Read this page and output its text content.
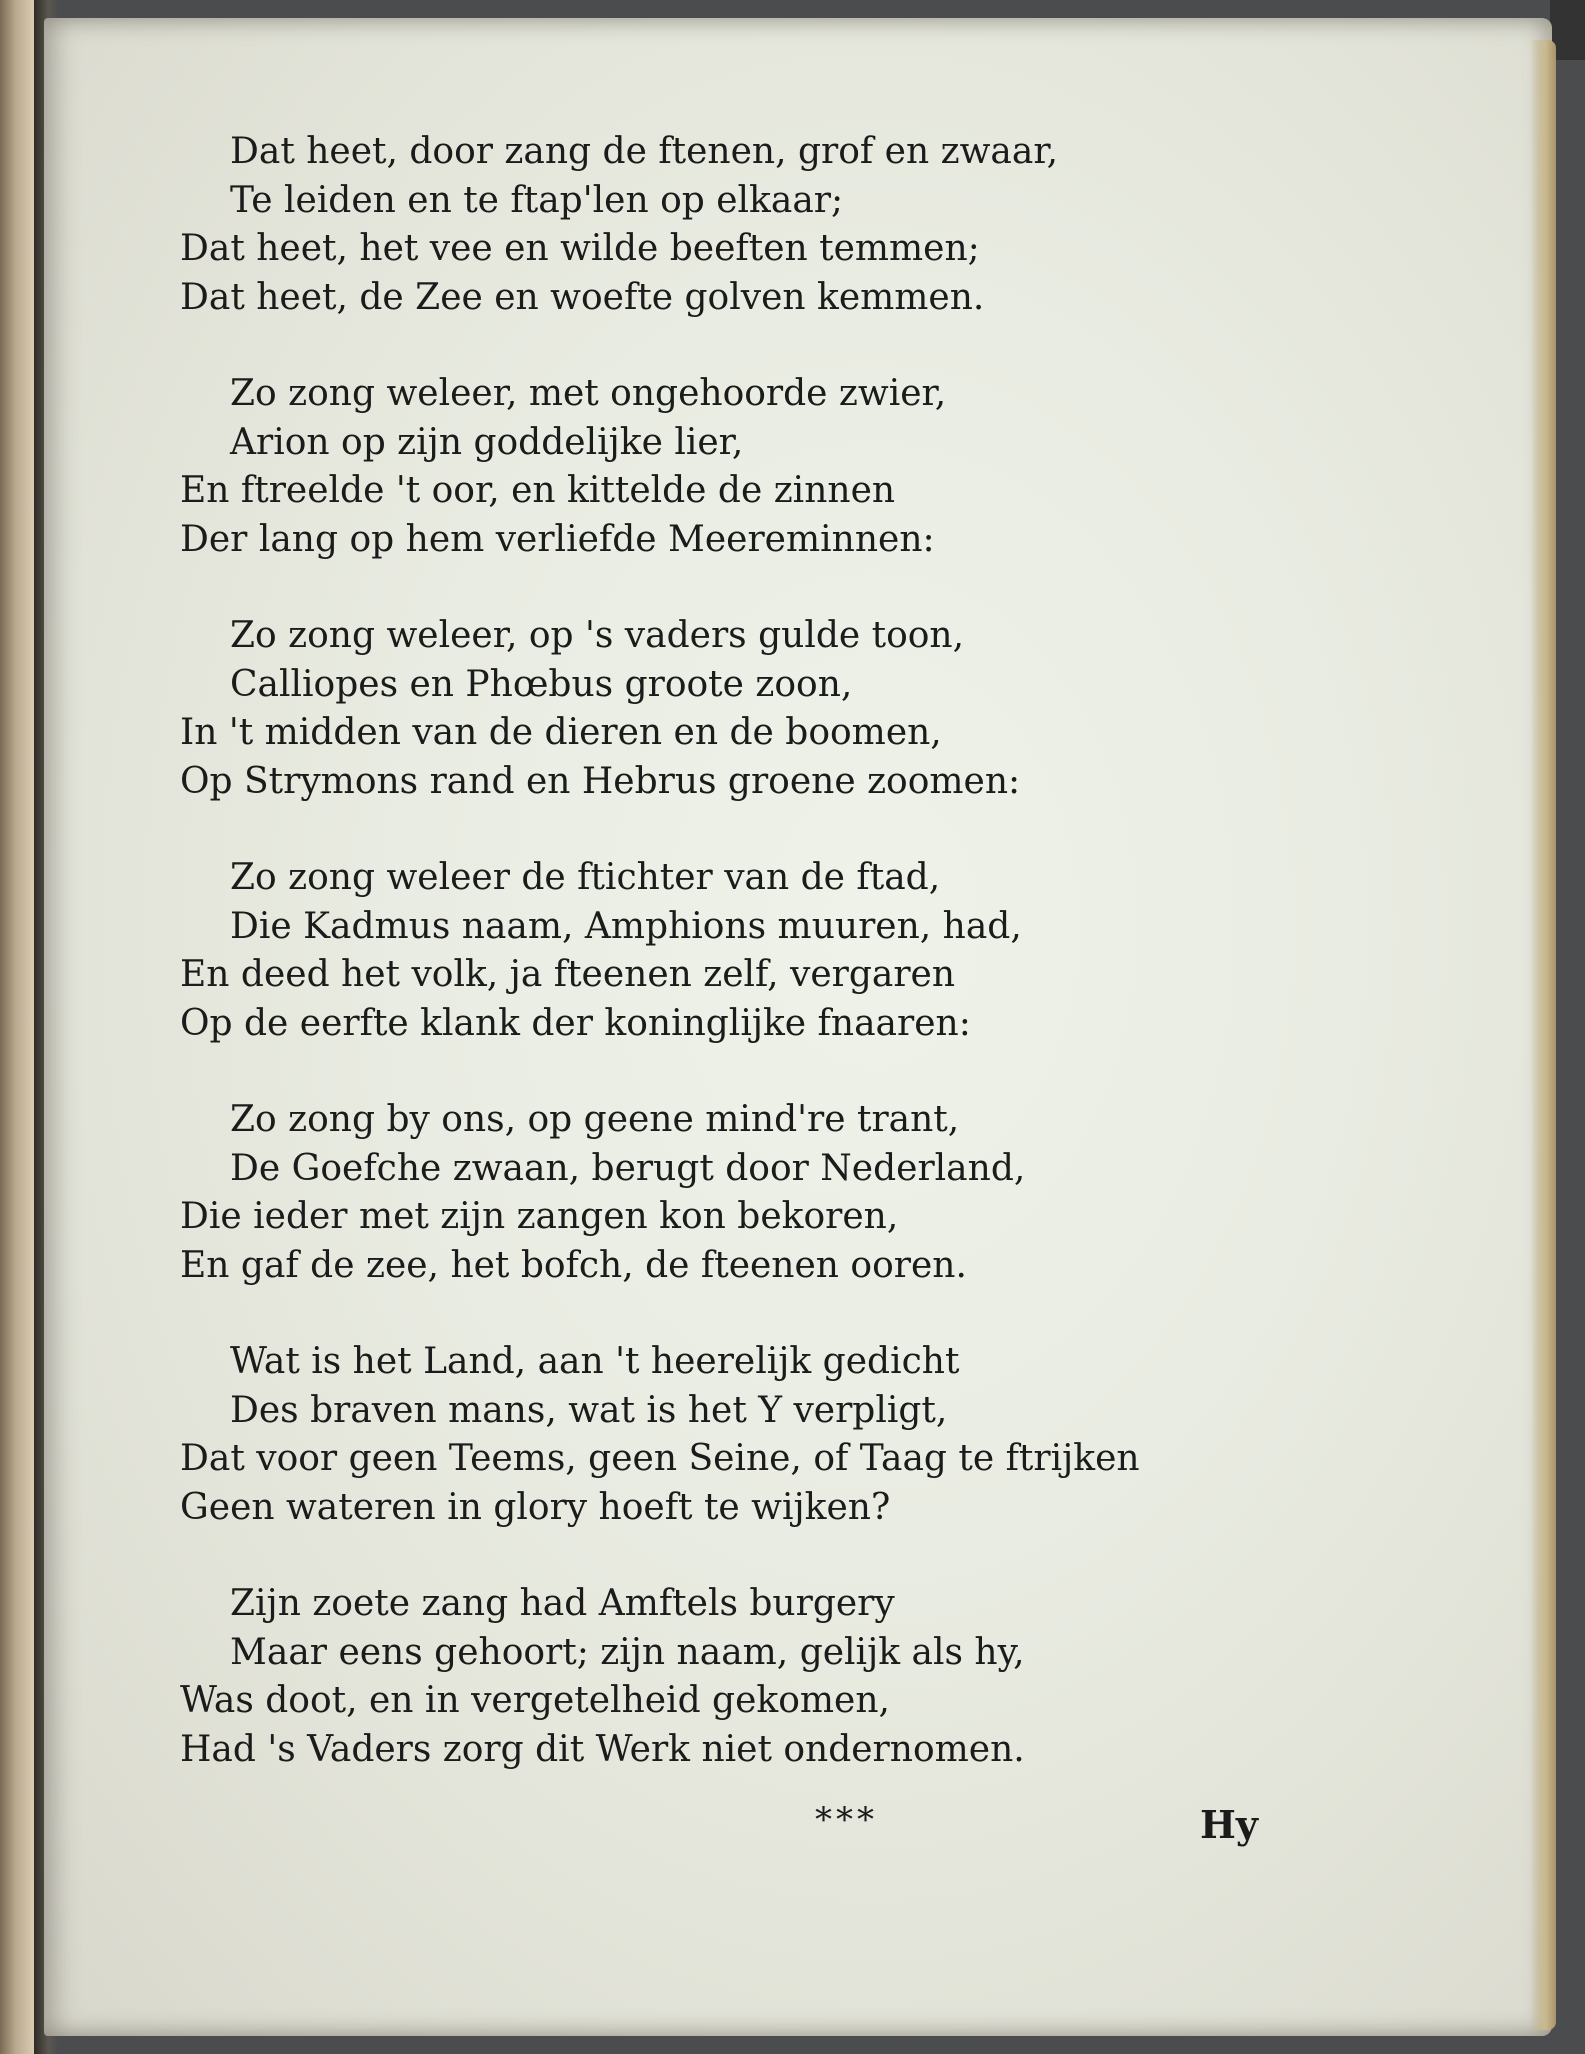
Dat heet, door zang de ftenen, grof en zwaar,
Te leiden en te ftap'len op elkaar;
Dat heet, het vee en wilde beeften temmen;
Dat heet, de Zee en woefte golven kemmen.
Zo zong weleer, met ongehoorde zwier,
Arion op zijn goddelijke lier,
En ftreelde 't oor, en kittelde de zinnen
Der lang op hem verliefde Meereminnen:
Zo zong weleer, op 's vaders gulde toon,
Calliopes en Phœbus groote zoon,
In 't midden van de dieren en de boomen,
Op Strymons rand en Hebrus groene zoomen:
Zo zong weleer de ftichter van de ftad,
Die Kadmus naam, Amphions muuren, had,
En deed het volk, ja fteenen zelf, vergaren
Op de eerfte klank der koninglijke fnaaren:
Zo zong by ons, op geene mind're trant,
De Goefche zwaan, berugt door Nederland,
Die ieder met zijn zangen kon bekoren,
En gaf de zee, het bofch, de fteenen ooren.
Wat is het Land, aan 't heerelijk gedicht
Des braven mans, wat is het Y verpligt,
Dat voor geen Teems, geen Seine, of Taag te ftrijken
Geen wateren in glory hoeft te wijken?
Zijn zoete zang had Amftels burgery
Maar eens gehoort; zijn naam, gelijk als hy,
Was doot, en in vergetelheid gekomen,
Had 's Vaders zorg dit Werk niet ondernomen.
***	Hy
